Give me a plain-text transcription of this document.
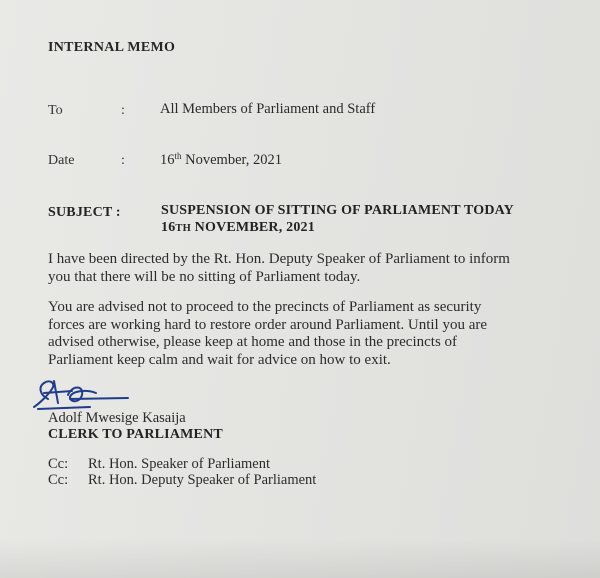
INTERNAL MEMO
To	: All Members of Parliament and Staff
Date	: 16th November, 2021
SUBJECT :	SUSPENSION OF SITTING OF PARLIAMENT TODAY
16TH NOVEMBER, 2021
I have been directed by the Rt. Hon. Deputy Speaker of Parliament to inform
you that there will be no sitting of Parliament today.
You are advised not to proceed to the precincts of Parliament as security
forces are working hard to restore order around Parliament. Until you are
advised otherwise, please keep at home and those in the precincts of
Parliament keep calm and wait for advice on how to exit.
Adolf Mwesige Kasaija
CLERK TO PARLIAMENT
Cc: Rt. Hon. Speaker of Parliament
Cc: Rt. Hon. Deputy Speaker of Parliament
